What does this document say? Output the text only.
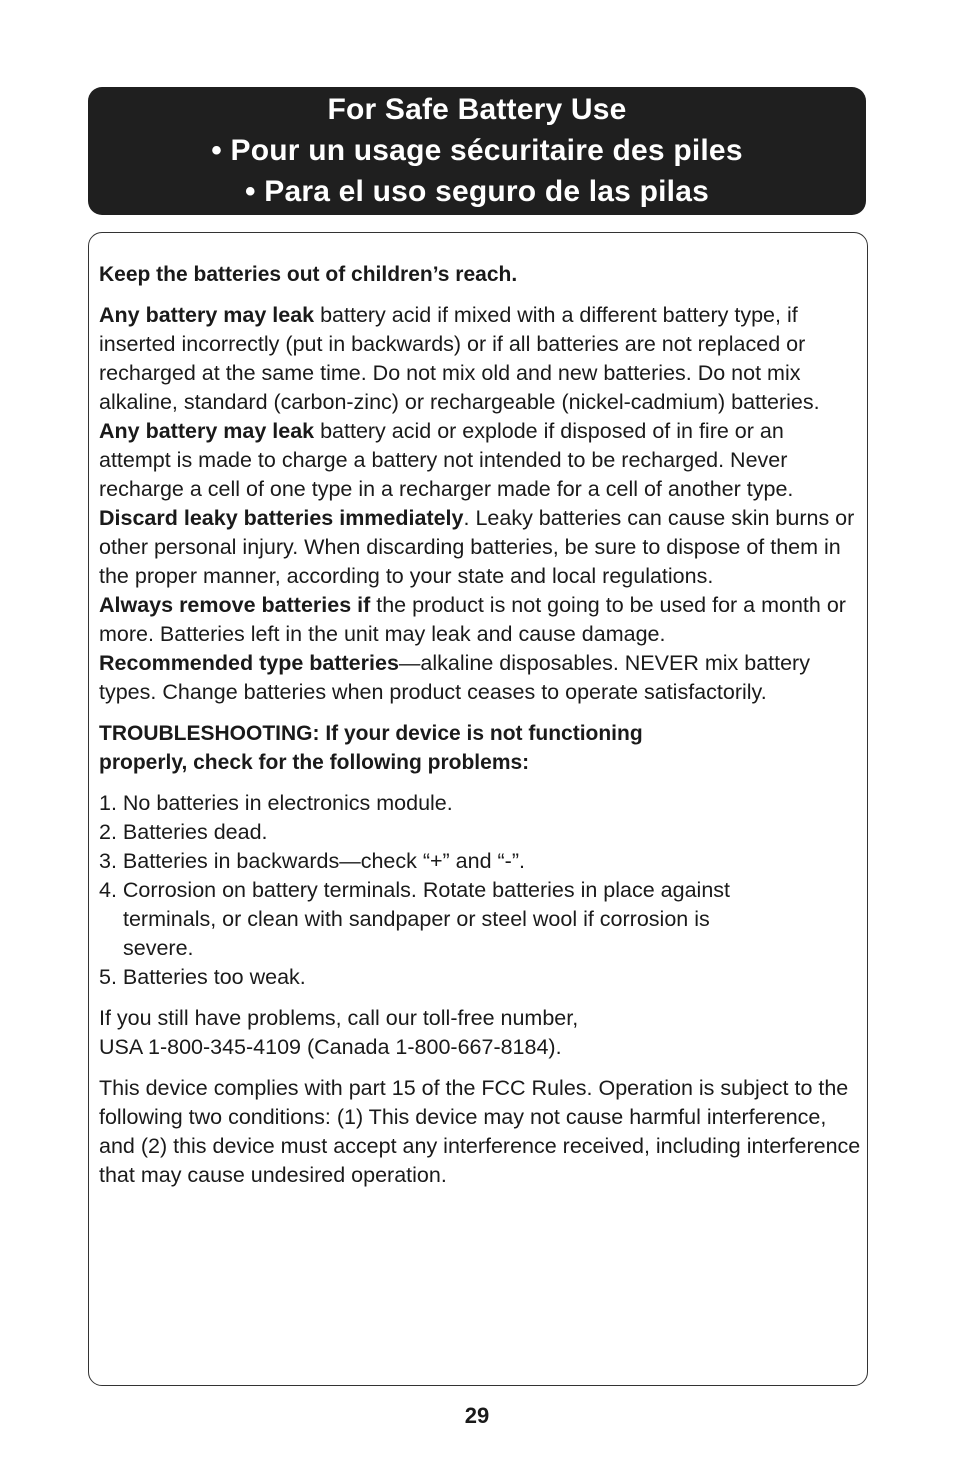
For Safe Battery Use
• Pour un usage sécuritaire des piles
• Para el uso seguro de las pilas

Keep the batteries out of children’s reach.

Any battery may leak battery acid if mixed with a different battery type, if inserted incorrectly (put in backwards) or if all batteries are not replaced or recharged at the same time. Do not mix old and new batteries. Do not mix alkaline, standard (carbon-zinc) or rechargeable (nickel-cadmium) batteries.

Any battery may leak battery acid or explode if disposed of in fire or an attempt is made to charge a battery not intended to be recharged. Never recharge a cell of one type in a recharger made for a cell of another type.

Discard leaky batteries immediately. Leaky batteries can cause skin burns or other personal injury. When discarding batteries, be sure to dispose of them in the proper manner, according to your state and local regulations.

Always remove batteries if the product is not going to be used for a month or more. Batteries left in the unit may leak and cause damage.

Recommended type batteries—alkaline disposables. NEVER mix battery types. Change batteries when product ceases to operate satisfactorily.

TROUBLESHOOTING: If your device is not functioning

properly, check for the following problems:

1. No batteries in electronics module.

2. Batteries dead.

3. Batteries in backwards—check “+” and “-”.

4. Corrosion on battery terminals. Rotate batteries in place against terminals, or clean with sandpaper or steel wool if corrosion is severe.

5. Batteries too weak.

If you still have problems, call our toll-free number,

USA 1-800-345-4109 (Canada 1-800-667-8184).

This device complies with part 15 of the FCC Rules. Operation is subject to the following two conditions: (1) This device may not cause harmful interference, and (2) this device must accept any interference received, including interference that may cause undesired operation.

29
